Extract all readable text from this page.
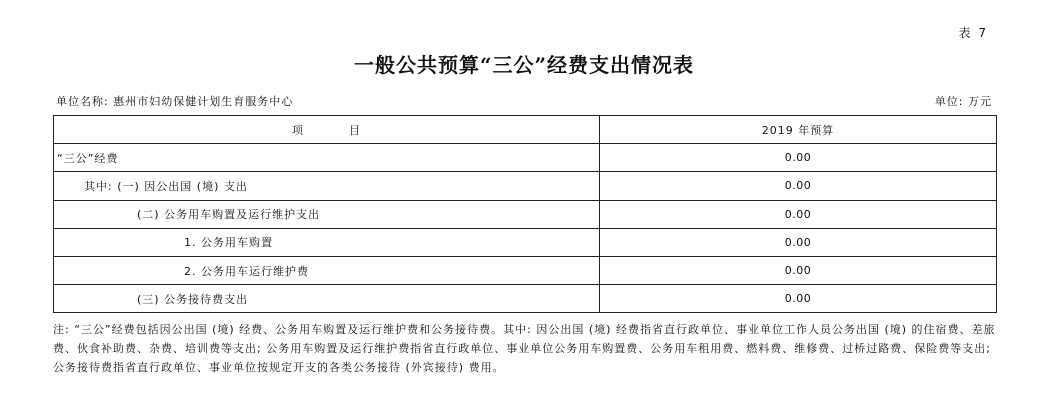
表 7
一般公共预算“三公”经费支出情况表
单位名称: 惠州市妇幼保健计划生育服务中心	单位: 万元
项          目	2019 年预算
“三公”经费	0.00
其中: (一) 因公出国 (境) 支出	0.00
(二) 公务用车购置及运行维护支出	0.00
1. 公务用车购置	0.00
2. 公务用车运行维护费	0.00
(三) 公务接待费支出	0.00
注: “三公”经费包括因公出国 (境) 经费、公务用车购置及运行维护费和公务接待费。其中: 因公出国 (境) 经费指省直行政单位、事业单位工作人员公务出国 (境) 的住宿费、差旅费、伙食补助费、杂费、培训费等支出; 公务用车购置及运行维护费指省直行政单位、事业单位公务用车购置费、公务用车租用费、燃料费、维修费、过桥过路费、保险费等支出; 公务接待费指省直行政单位、事业单位按规定开支的各类公务接待 (外宾接待) 费用。
